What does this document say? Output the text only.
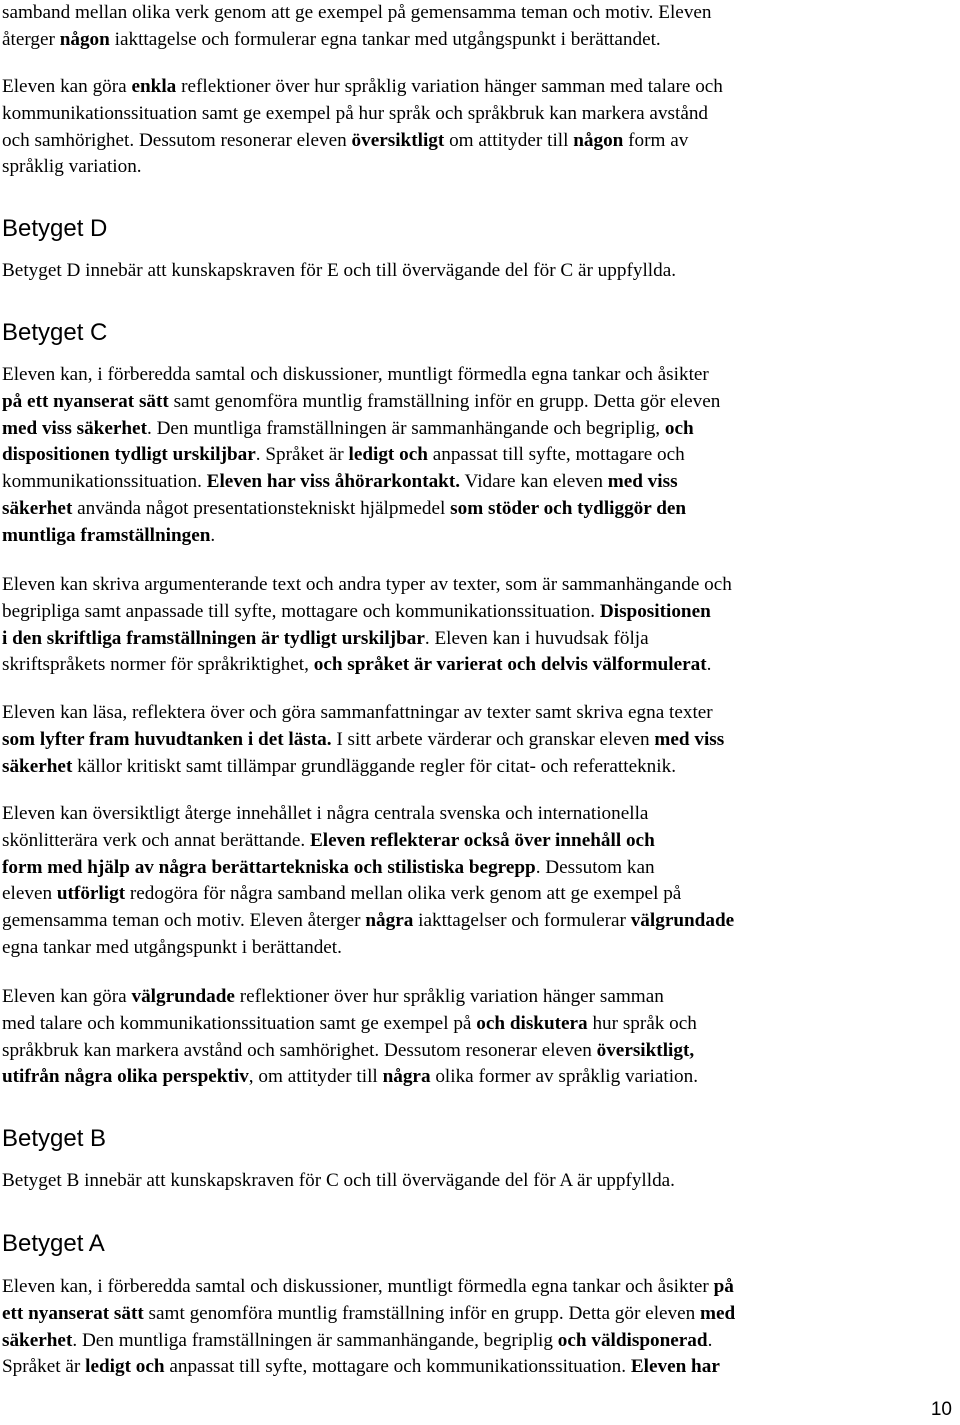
samband mellan olika verk genom att ge exempel på gemensamma teman och motiv. Eleven
återger någon iakttagelse och formulerar egna tankar med utgångspunkt i berättandet.
Eleven kan göra enkla reflektioner över hur språklig variation hänger samman med talare och
kommunikationssituation samt ge exempel på hur språk och språkbruk kan markera avstånd
och samhörighet. Dessutom resonerar eleven översiktligt om attityder till någon form av
språklig variation.
Betyget D
Betyget D innebär att kunskapskraven för E och till övervägande del för C är uppfyllda.
Betyget C
Eleven kan, i förberedda samtal och diskussioner, muntligt förmedla egna tankar och åsikter
på ett nyanserat sätt samt genomföra muntlig framställning inför en grupp. Detta gör eleven
med viss säkerhet. Den muntliga framställningen är sammanhängande och begriplig, och
dispositionen tydligt urskiljbar. Språket är ledigt och anpassat till syfte, mottagare och
kommunikationssituation. Eleven har viss åhörarkontakt. Vidare kan eleven med viss
säkerhet använda något presentationstekniskt hjälpmedel som stöder och tydliggör den
muntliga framställningen.
Eleven kan skriva argumenterande text och andra typer av texter, som är sammanhängande och
begripliga samt anpassade till syfte, mottagare och kommunikationssituation. Dispositionen
i den skriftliga framställningen är tydligt urskiljbar. Eleven kan i huvudsak följa
skriftspråkets normer för språkriktighet, och språket är varierat och delvis välformulerat.
Eleven kan läsa, reflektera över och göra sammanfattningar av texter samt skriva egna texter
som lyfter fram huvudtanken i det lästa. I sitt arbete värderar och granskar eleven med viss
säkerhet källor kritiskt samt tillämpar grundläggande regler för citat- och referatteknik.
Eleven kan översiktligt återge innehållet i några centrala svenska och internationella
skönlitterära verk och annat berättande. Eleven reflekterar också över innehåll och
form med hjälp av några berättartekniska och stilistiska begrepp. Dessutom kan
eleven utförligt redogöra för några samband mellan olika verk genom att ge exempel på
gemensamma teman och motiv. Eleven återger några iakttagelser och formulerar välgrundade
egna tankar med utgångspunkt i berättandet.
Eleven kan göra välgrundade reflektioner över hur språklig variation hänger samman
med talare och kommunikationssituation samt ge exempel på och diskutera hur språk och
språkbruk kan markera avstånd och samhörighet. Dessutom resonerar eleven översiktligt,
utifrån några olika perspektiv, om attityder till några olika former av språklig variation.
Betyget B
Betyget B innebär att kunskapskraven för C och till övervägande del för A är uppfyllda.
Betyget A
Eleven kan, i förberedda samtal och diskussioner, muntligt förmedla egna tankar och åsikter på
ett nyanserat sätt samt genomföra muntlig framställning inför en grupp. Detta gör eleven med
säkerhet. Den muntliga framställningen är sammanhängande, begriplig och väldisponerad.
Språket är ledigt och anpassat till syfte, mottagare och kommunikationssituation. Eleven har

10
